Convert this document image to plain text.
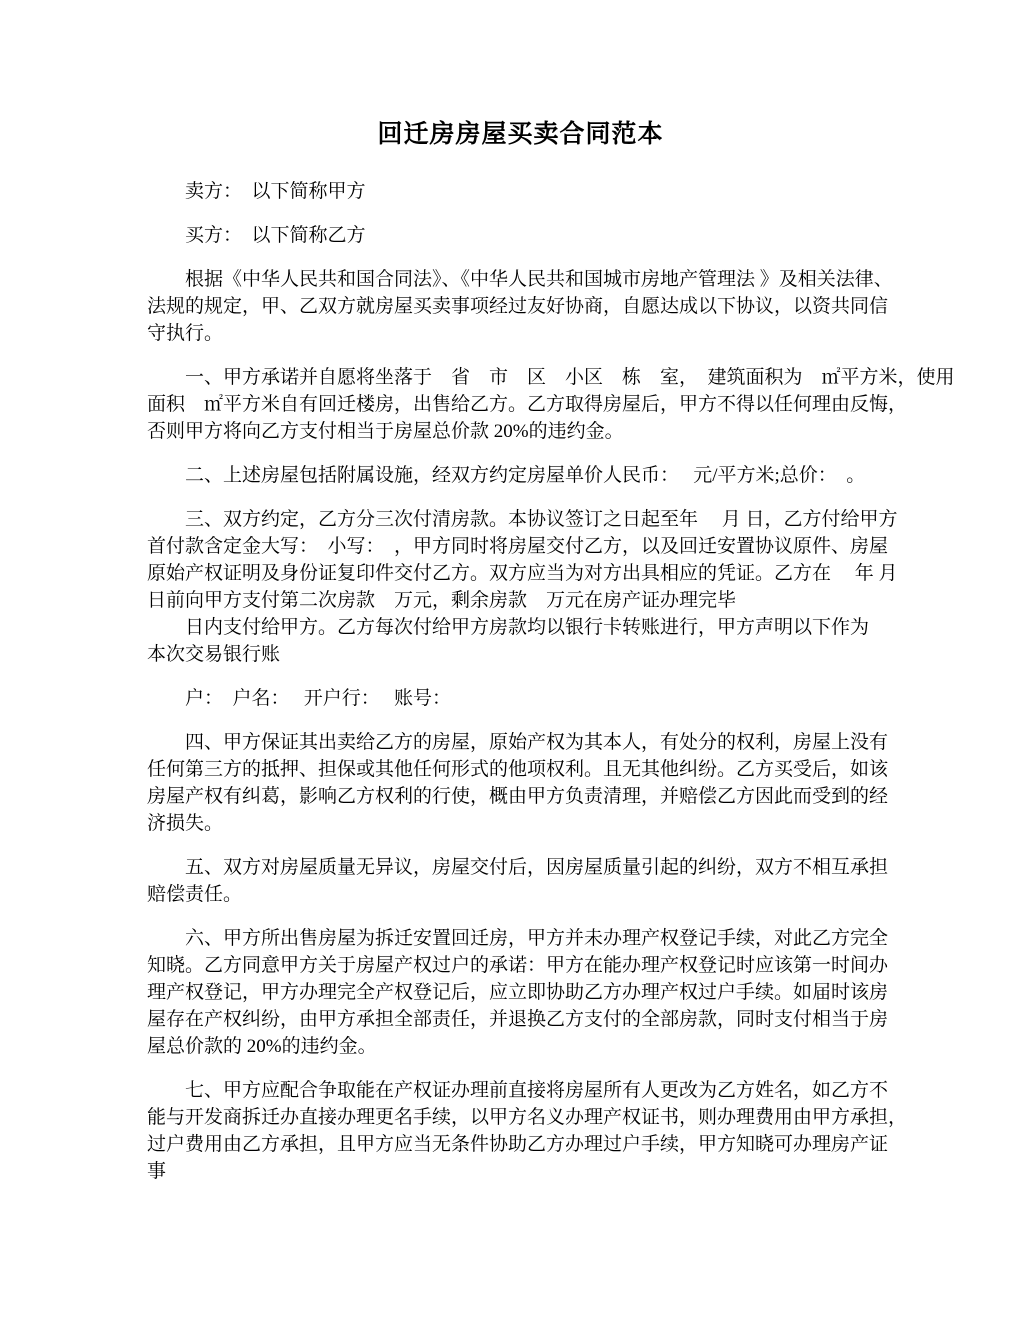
回迁房房屋买卖合同范本
卖方：　以下简称甲方
买方：　以下简称乙方
根据《中华人民共和国合同法》、《中华人民共和国城市房地产管理法 》及相关法律、
法规的规定，甲、乙双方就房屋买卖事项经过友好协商，自愿达成以下协议，以资共同信
守执行。
一、甲方承诺并自愿将坐落于　省　市　区　小区　栋　室，　建筑面积为　㎡平方米，使用
面积　㎡平方米自有回迁楼房，出售给乙方。乙方取得房屋后，甲方不得以任何理由反悔，
否则甲方将向乙方支付相当于房屋总价款 20%的违约金。
二、上述房屋包括附属设施，经双方约定房屋单价人民币：　 元/平方米;总价：　。
三、双方约定，乙方分三次付清房款。本协议签订之日起至年　 月 日，乙方付给甲方
首付款含定金大写：　小写：　，甲方同时将房屋交付乙方，以及回迁安置协议原件、房屋
原始产权证明及身份证复印件交付乙方。双方应当为对方出具相应的凭证。乙方在　 年 月
日前向甲方支付第二次房款　万元，剩余房款　万元在房产证办理完毕
　　日内支付给甲方。乙方每次付给甲方房款均以银行卡转账进行，甲方声明以下作为
本次交易银行账
户：　户名：　 开户行：　 账号：
四、甲方保证其出卖给乙方的房屋，原始产权为其本人，有处分的权利，房屋上没有
任何第三方的抵押、担保或其他任何形式的他项权利。且无其他纠纷。乙方买受后，如该
房屋产权有纠葛，影响乙方权利的行使，概由甲方负责清理，并赔偿乙方因此而受到的经
济损失。
五、双方对房屋质量无异议，房屋交付后，因房屋质量引起的纠纷，双方不相互承担
赔偿责任。
六、甲方所出售房屋为拆迁安置回迁房，甲方并未办理产权登记手续，对此乙方完全
知晓。乙方同意甲方关于房屋产权过户的承诺：甲方在能办理产权登记时应该第一时间办
理产权登记，甲方办理完全产权登记后，应立即协助乙方办理产权过户手续。如届时该房
屋存在产权纠纷，由甲方承担全部责任，并退换乙方支付的全部房款，同时支付相当于房
屋总价款的 20%的违约金。
七、甲方应配合争取能在产权证办理前直接将房屋所有人更改为乙方姓名，如乙方不
能与开发商拆迁办直接办理更名手续，以甲方名义办理产权证书，则办理费用由甲方承担，
过户费用由乙方承担，且甲方应当无条件协助乙方办理过户手续，甲方知晓可办理房产证
事
